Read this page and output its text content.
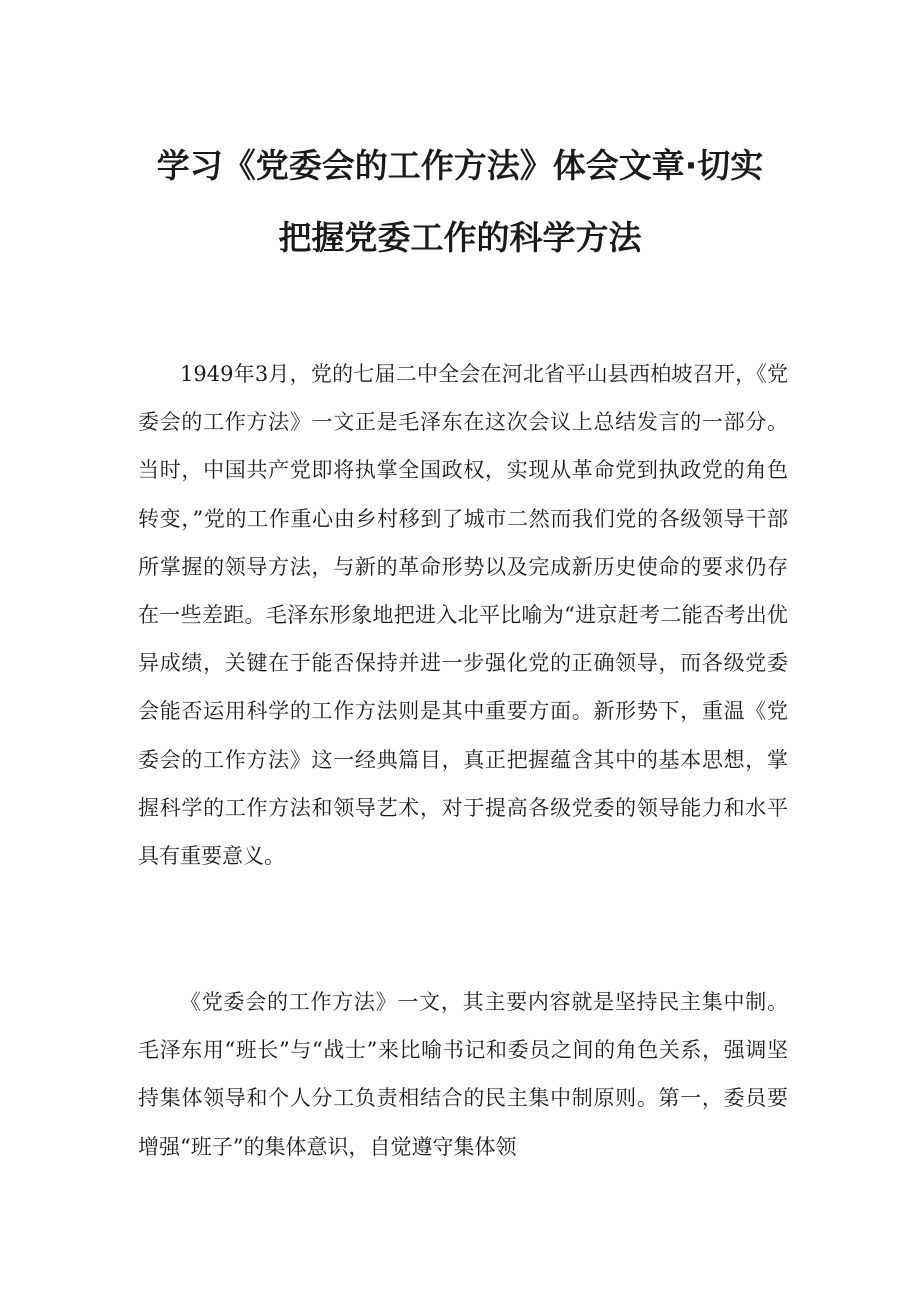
学习《党委会的工作方法》体会文章·切实
把握党委工作的科学方法

1949年3月，党的七届二中全会在河北省平山县西柏坡召开，《党委会的工作方法》一文正是毛泽东在这次会议上总结发言的一部分。当时，中国共产党即将执掌全国政权，实现从革命党到执政党的角色转变，”党的工作重心由乡村移到了城市二然而我们党的各级领导干部所掌握的领导方法，与新的革命形势以及完成新历史使命的要求仍存在一些差距。毛泽东形象地把进入北平比喻为“进京赶考二能否考出优异成绩，关键在于能否保持并进一步强化党的正确领导，而各级党委会能否运用科学的工作方法则是其中重要方面。新形势下，重温《党委会的工作方法》这一经典篇目，真正把握蕴含其中的基本思想，掌握科学的工作方法和领导艺术，对于提高各级党委的领导能力和水平具有重要意义。

《党委会的工作方法》一文，其主要内容就是坚持民主集中制。毛泽东用“班长”与“战士”来比喻书记和委员之间的角色关系，强调坚持集体领导和个人分工负责相结合的民主集中制原则。第一，委员要增强“班子”的集体意识，自觉遵守集体领
